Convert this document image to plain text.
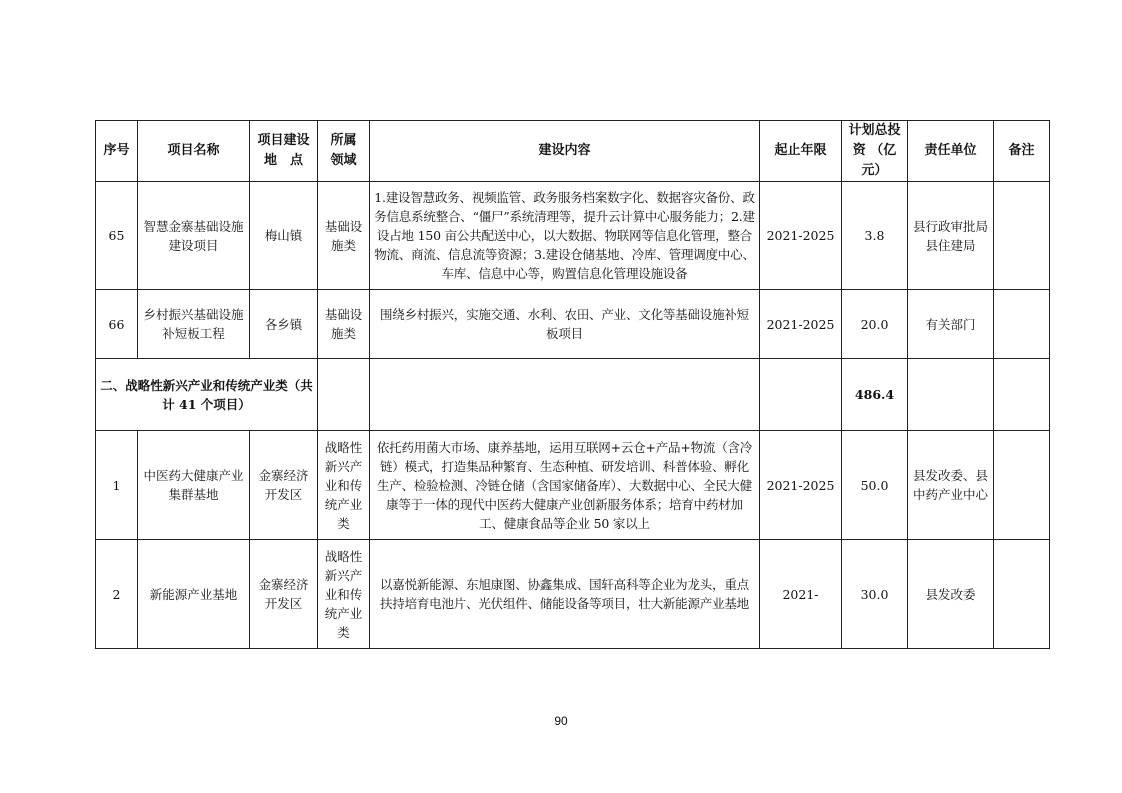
序号	项目名称	项目建设 地　点	所属 领域	建设内容	起止年限	计划总投资 （亿元）	责任单位	备注
65	智慧金寨基础设施建设项目	梅山镇	基础设施类	1.建设智慧政务、视频监管、政务服务档案数字化、数据容灾备份、政务信息系统整合、“僵尸”系统清理等，提升云计算中心服务能力；2.建设占地 150 亩公共配送中心，以大数据、物联网等信息化管理，整合物流、商流、信息流等资源；3.建设仓储基地、冷库、管理调度中心、车库、信息中心等，购置信息化管理设施设备	2021-2025	3.8	县行政审批局　县住建局	
66	乡村振兴基础设施补短板工程	各乡镇	基础设施类	围绕乡村振兴，实施交通、水利、农田、产业、文化等基础设施补短板项目	2021-2025	20.0	有关部门	
二、战略性新兴产业和传统产业类（共计 41 个项目）						486.4		
1	中医药大健康产业集群基地	金寨经济开发区	战略性新兴产业和传统产业类	依托药用菌大市场、康养基地，运用互联网+云仓+产品+物流（含冷链）模式，打造集品种繁育、生态种植、研发培训、科普体验、孵化生产、检验检测、冷链仓储（含国家储备库）、大数据中心、全民大健康等于一体的现代中医药大健康产业创新服务体系；培育中药材加工、健康食品等企业 50 家以上	2021-2025	50.0	县发改委、县中药产业中心	
2	新能源产业基地	金寨经济开发区	战略性新兴产业和传统产业类	以嘉悦新能源、东旭康图、协鑫集成、国轩高科等企业为龙头，重点扶持培育电池片、光伏组件、储能设备等项目，壮大新能源产业基地	2021-	30.0	县发改委	
90
